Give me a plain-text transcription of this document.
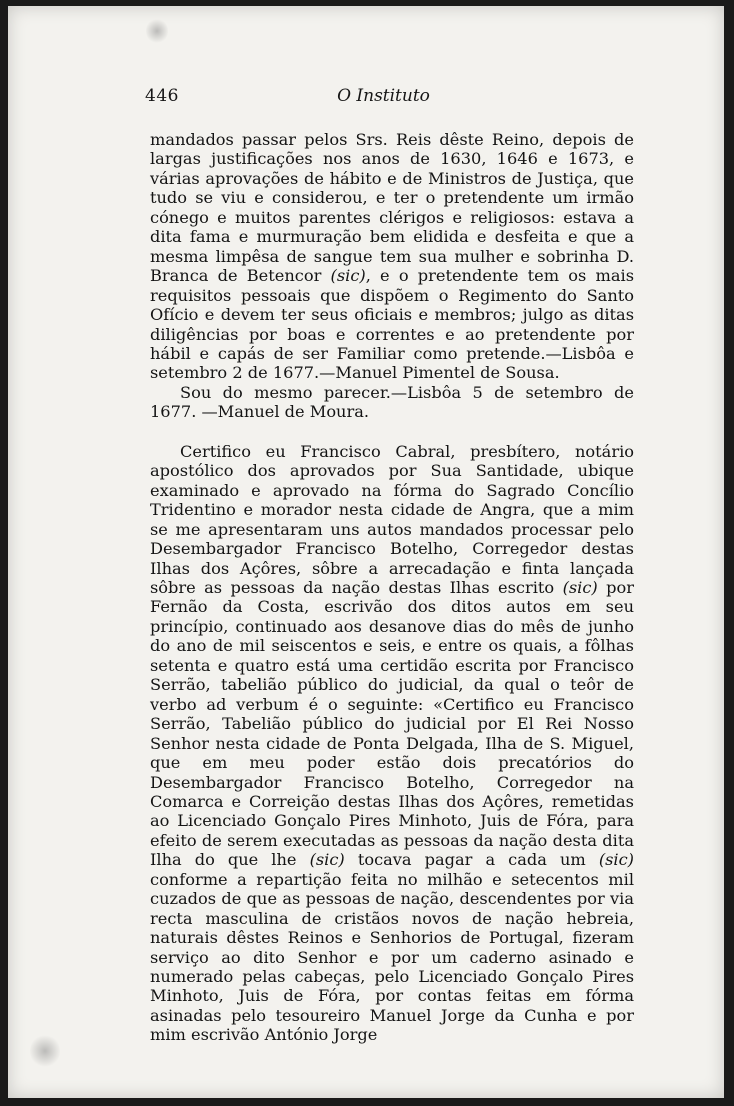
446	O Instituto

mandados passar pelos Srs. Reis dêste Reino, depois de largas justificações nos anos de 1630, 1646 e 1673, e várias aprovações de hábito e de Ministros de Justiça, que tudo se viu e considerou, e ter o pretendente um irmão cónego e muitos parentes clérigos e religiosos: estava a dita fama e murmuração bem elidida e desfeita e que a mesma limpêsa de sangue tem sua mulher e sobrinha D. Branca de Betencor (sic), e o pretendente tem os mais requisitos pessoais que dispõem o Regimento do Santo Ofício e devem ter seus oficiais e membros; julgo as ditas diligências por boas e correntes e ao pretendente por hábil e capás de ser Familiar como pretende.—Lisbôa e setembro 2 de 1677.—Manuel Pimentel de Sousa.

Sou do mesmo parecer.—Lisbôa 5 de setembro de 1677. —Manuel de Moura.

Certifico eu Francisco Cabral, presbítero, notário apostólico dos aprovados por Sua Santidade, ubique examinado e aprovado na fórma do Sagrado Concílio Tridentino e morador nesta cidade de Angra, que a mim se me apresentaram uns autos mandados processar pelo Desembargador Francisco Botelho, Corregedor destas Ilhas dos Açôres, sôbre a arrecadação e finta lançada sôbre as pessoas da nação destas Ilhas escrito (sic) por Fernão da Costa, escrivão dos ditos autos em seu princípio, continuado aos desanove dias do mês de junho do ano de mil seiscentos e seis, e entre os quais, a fôlhas setenta e quatro está uma certidão escrita por Francisco Serrão, tabelião público do judicial, da qual o teôr de verbo ad verbum é o seguinte: «Certifico eu Francisco Serrão, Tabelião público do judicial por El Rei Nosso Senhor nesta cidade de Ponta Delgada, Ilha de S. Miguel, que em meu poder estão dois precatórios do Desembargador Francisco Botelho, Corregedor na Comarca e Correição destas Ilhas dos Açôres, remetidas ao Licenciado Gonçalo Pires Minhoto, Juis de Fóra, para efeito de serem executadas as pessoas da nação desta dita Ilha do que lhe (sic) tocava pagar a cada um (sic) conforme a repartição feita no milhão e setecentos mil cuzados de que as pessoas de nação, descendentes por via recta masculina de cristãos novos de nação hebreia, naturais dêstes Reinos e Senhorios de Portugal, fizeram serviço ao dito Senhor e por um caderno asinado e numerado pelas cabeças, pelo Licenciado Gonçalo Pires Minhoto, Juis de Fóra, por contas feitas em fórma asinadas pelo tesoureiro Manuel Jorge da Cunha e por mim escrivão António Jorge
